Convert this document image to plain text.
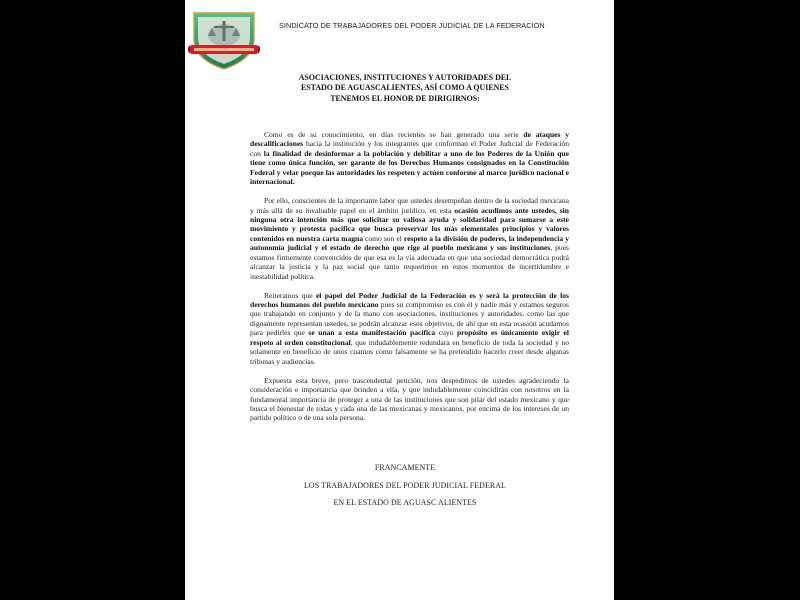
SINDICATO DE TRABAJADORES DEL PODER JUDICIAL DE LA FEDERACION
ASOCIACIONES, INSTITUCIONES Y AUTORIDADES DEL
ESTADO DE AGUASCALIENTES, ASÍ COMO A QUIENES
TENEMOS EL HONOR DE DIRIGIRNOS:

Como es de su conocimiento, en días recientes se han generado una serie de ataques y descalificaciones hacia la institución y los integrantes que conforman el Poder Judicial de Federación con la finalidad de desinformar a la población y debilitar a uno de los Poderes de la Unión que tiene como única función, ser garante de los Derechos Humanos consignados en la Constitución Federal y velar porque las autoridades los respeten y actúen conforme al marco jurídico nacional e internacional.

Por ello, conscientes de la importante labor que ustedes desempeñan dentro de la sociedad mexicana y más allá de su invaluable papel en el ámbito jurídico, en esta ocasión acudimos ante ustedes, sin ninguna otra intención más que solicitar su valiosa ayuda y solidaridad para sumarse a este movimiento y protesta pacífica que busca preservar los más elementales principios y valores contenidos en nuestra carta magna como son el respeto a la división de poderes, la independencia y autonomía judicial y el estado de derecho que rige al pueblo mexicano y sus instituciones, pues estamos firmemente convencidos de que esa es la vía adecuada en que una sociedad democrática podrá alcanzar la justicia y la paz social que tanto requerimos en estos momentos de incertidumbre e inestabilidad política.

Reiteramos que el papel del Poder Judicial de la Federación es y será la protección de los derechos humanos del pueblo mexicano pues su compromiso es con él y nadie más y estamos seguros que trabajando en conjunto y de la mano con asociaciones, instituciones y autoridades, como las que dignamente representan ustedes, se podrán alcanzar esos objetivos, de ahí que en esta ocasión acudamos para pedirles que se unan a esta manifestación pacífica cuyo propósito es únicamente exigir el respeto al orden constitucional, que indudablemente redundara en beneficio de toda la sociedad y no solamente en beneficio de unos cuantos como falsamente se ha pretendido hacerlo creer desde algunas tribunas y audiencias.

Expuesta esta breve, pero trascendental petición, nos despedimos de ustedes agradeciendo la consideración e importancia que brinden a ella, y que indudablemente coincidirán con nosotros en la fundamental importancia de proteger a una de las instituciones que son pilar del estado mexicano y que busca el bienestar de todas y cada una de las mexicanas y mexicanos, por encima de los intereses de un partido político o de una sola persona.

FRANCAMENTE
LOS TRABAJADORES DEL PODER JUDICIAL FEDERAL
EN EL ESTADO DE AGUASC ALIENTES
